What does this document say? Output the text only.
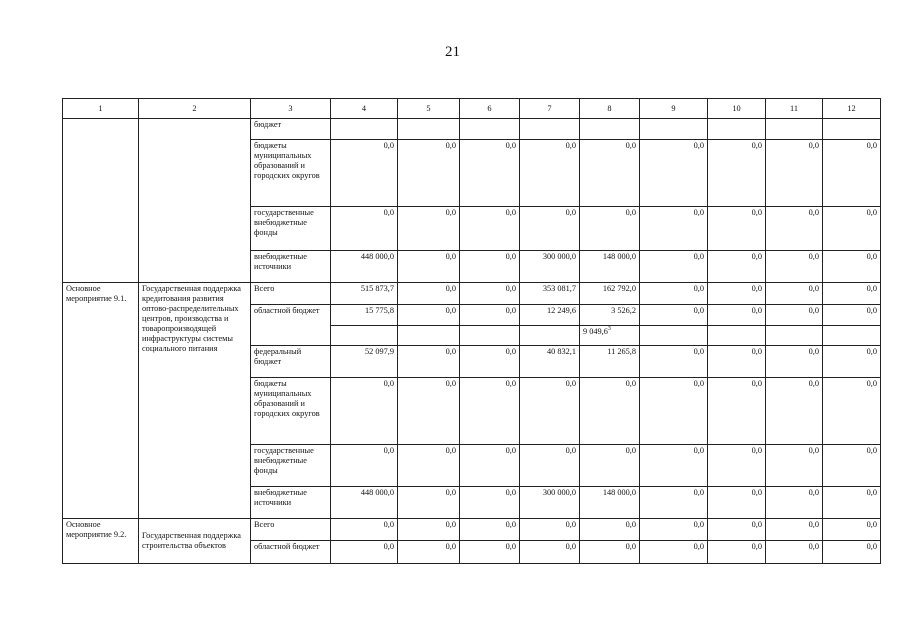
21
1	2	3	4	5	6	7	8	9	10	11	12
		бюджет									
		бюджеты муниципальных образований и городских округов	0,0	0,0	0,0	0,0	0,0	0,0	0,0	0,0	0,0
		государственные внебюджетные фонды	0,0	0,0	0,0	0,0	0,0	0,0	0,0	0,0	0,0
		внебюджетные источники	448 000,0	0,0	0,0	300 000,0	148 000,0	0,0	0,0	0,0	0,0
Основное мероприятие 9.1.	Государственная поддержка кредитования развития оптово-распределительных центров, производства и товаропроизводящей инфраструктуры системы социального питания	Всего	515 873,7	0,0	0,0	353 081,7	162 792,0	0,0	0,0	0,0	0,0
		областной бюджет	15 775,8	0,0	0,0	12 249,6	3 526,2	0,0	0,0	0,0	0,0
							9 049,6$^3$				
		федеральный бюджет	52 097,9	0,0	0,0	40 832,1	11 265,8	0,0	0,0	0,0	0,0
		бюджеты муниципальных образований и городских округов	0,0	0,0	0,0	0,0	0,0	0,0	0,0	0,0	0,0
		государственные внебюджетные фонды	0,0	0,0	0,0	0,0	0,0	0,0	0,0	0,0	0,0
		внебюджетные источники	448 000,0	0,0	0,0	300 000,0	148 000,0	0,0	0,0	0,0	0,0
Основное мероприятие 9.2.	Государственная поддержка строительства объектов	Всего	0,0	0,0	0,0	0,0	0,0	0,0	0,0	0,0	0,0
		областной бюджет	0,0	0,0	0,0	0,0	0,0	0,0	0,0	0,0	0,0
